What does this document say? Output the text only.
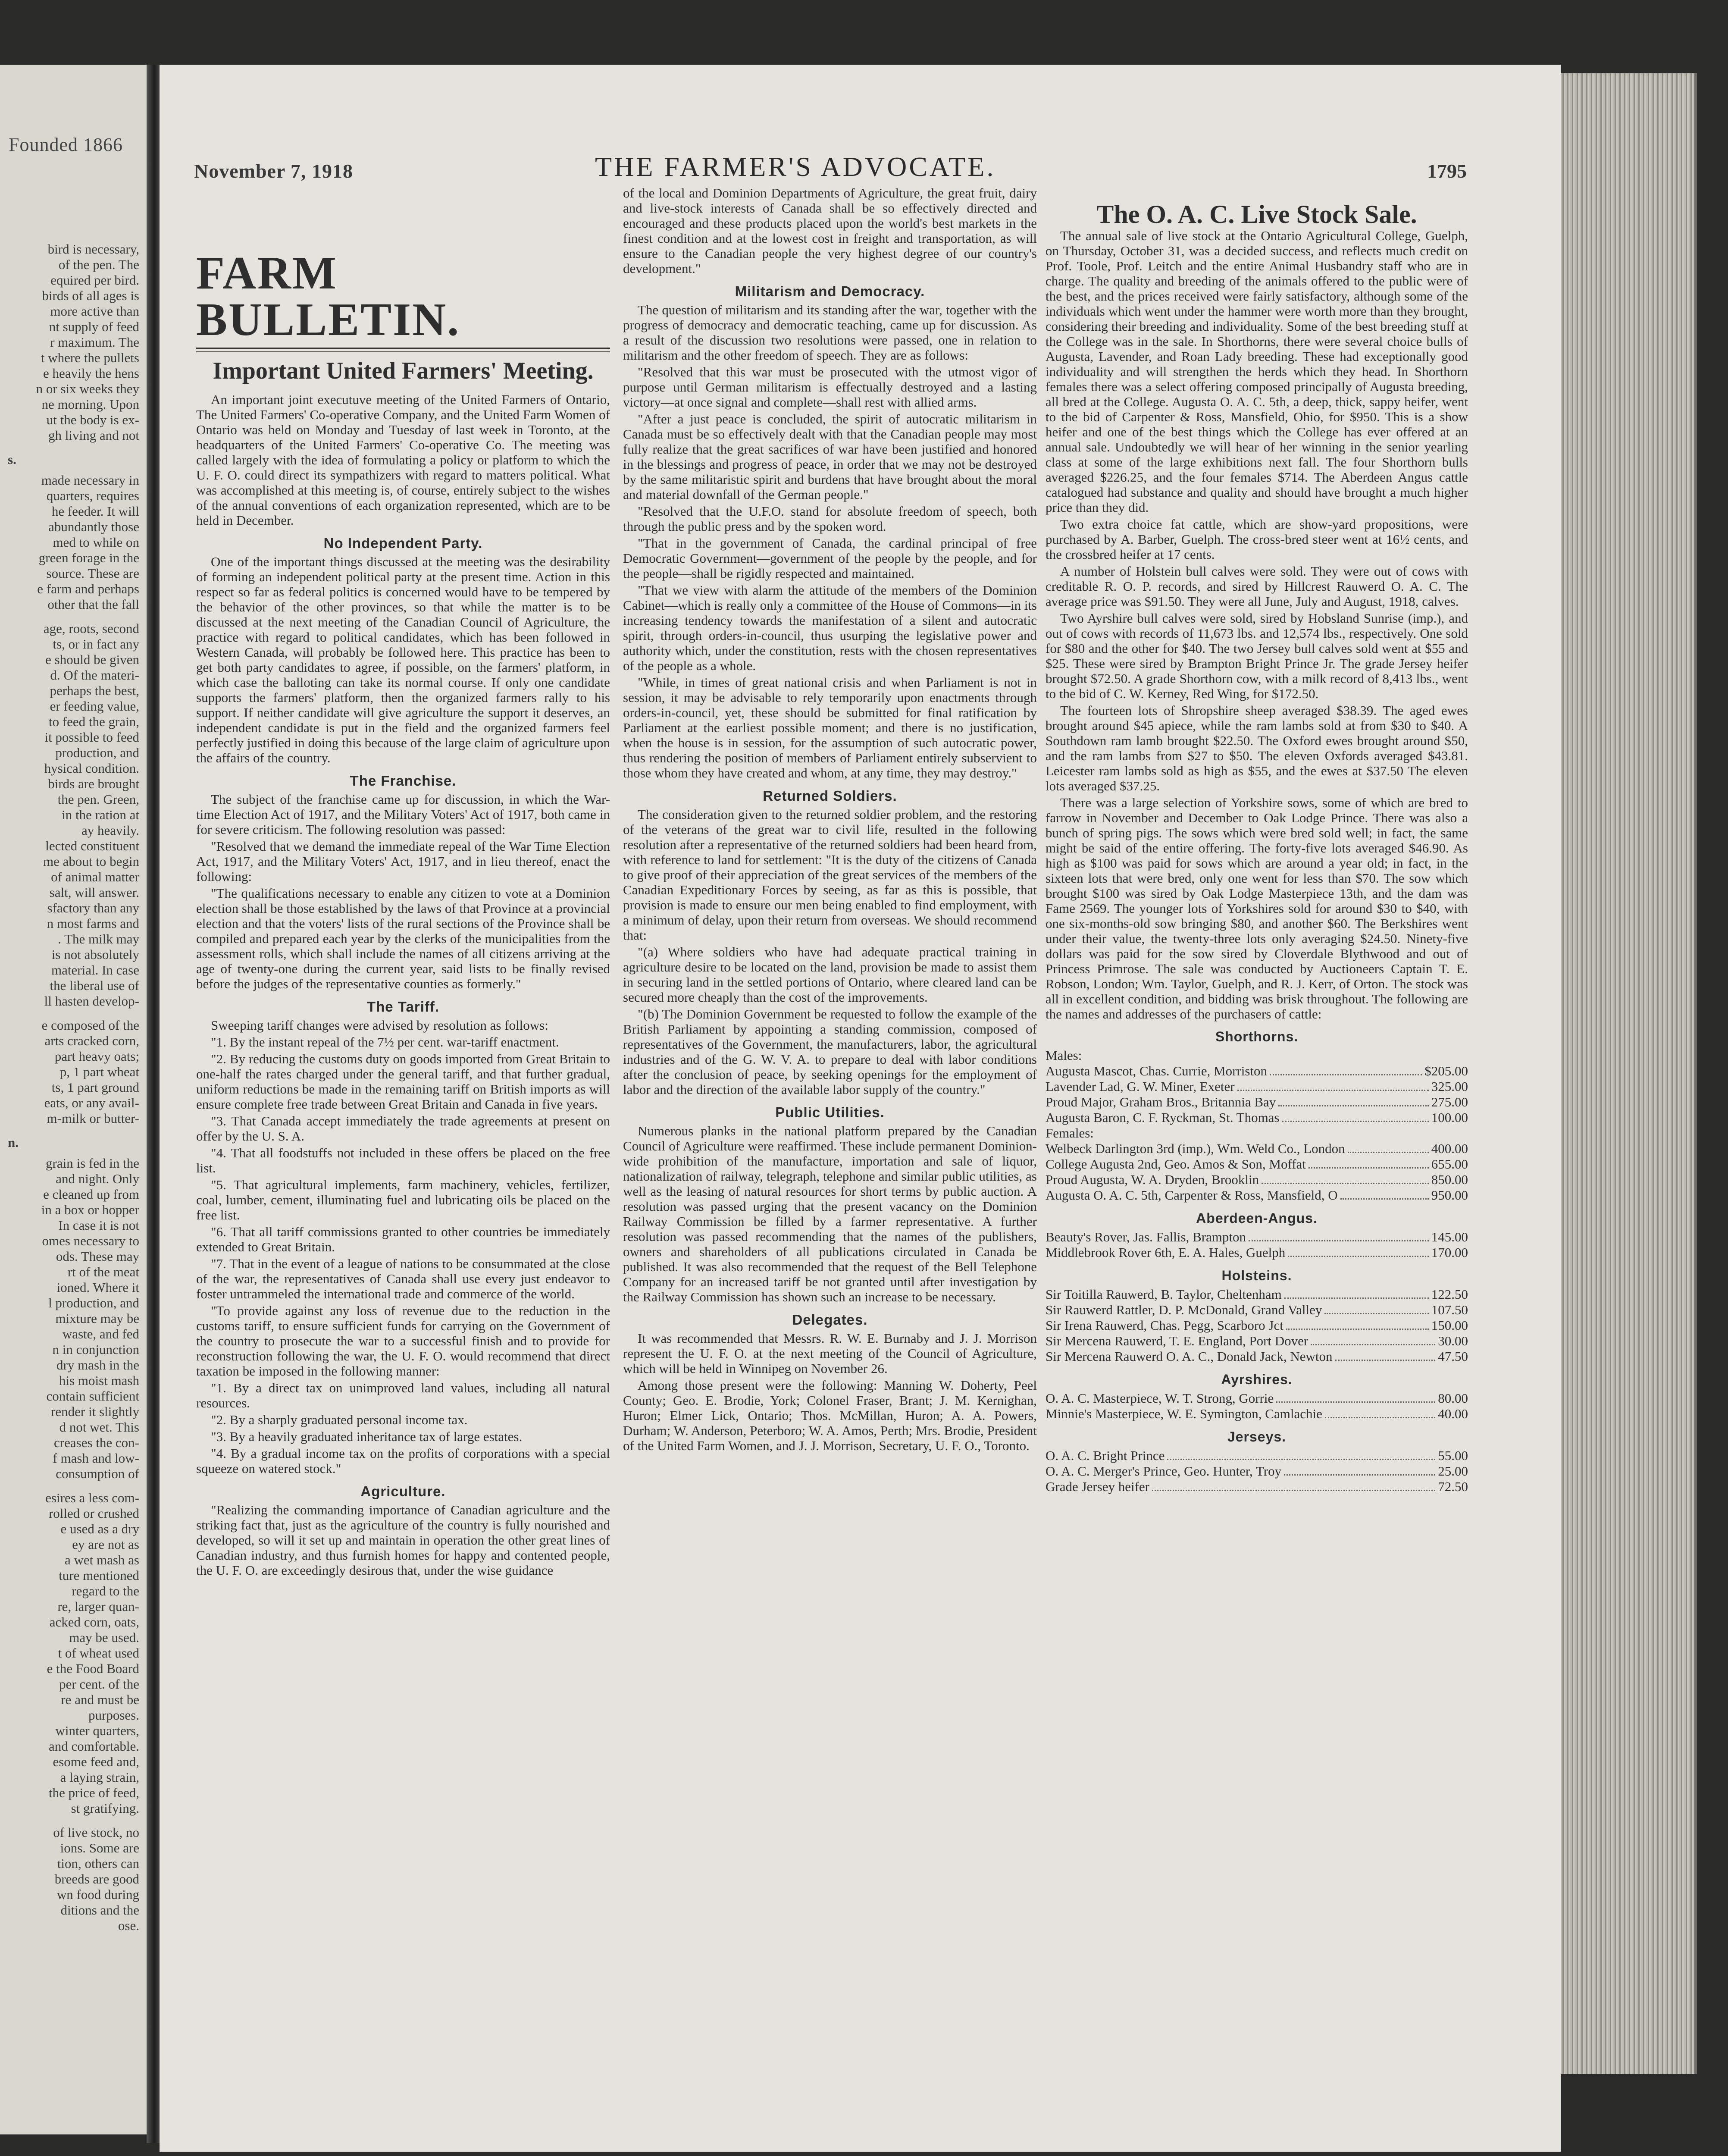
Founded 1866

bird is necessary,
of the pen. The
equired per bird.
birds of all ages is
more active than
nt supply of feed
r maximum. The
t where the pullets
e heavily the hens
n or six weeks they
ne morning. Upon
ut the body is ex-
gh living and not

s.

made necessary in
quarters, requires
he feeder. It will
abundantly those
med to while on
green forage in the
source. These are
e farm and perhaps
other that the fall

age, roots, second
ts, or in fact any
e should be given
d. Of the materi-
perhaps the best,
er feeding value,
to feed the grain,
it possible to feed
production, and
hysical condition.
birds are brought
the pen. Green,
in the ration at
ay heavily.
lected constituent
me about to begin
of animal matter
salt, will answer.
sfactory than any
n most farms and
. The milk may
is not absolutely
material. In case
the liberal use of
ll hasten develop-

e composed of the
arts cracked corn,
part heavy oats;
p, 1 part wheat
ts, 1 part ground
eats, or any avail-
m-milk or butter-

n.

grain is fed in the
and night. Only
e cleaned up from
in a box or hopper
In case it is not
omes necessary to
ods. These may
rt of the meat
ioned. Where it
l production, and
mixture may be
waste, and fed
n in conjunction
dry mash in the
his moist mash
contain sufficient
render it slightly
d not wet. This
creases the con-
f mash and low-
consumption of

esires a less com-
rolled or crushed
e used as a dry
ey are not as
a wet mash as
ture mentioned
regard to the
re, larger quan-
acked corn, oats,
may be used.
t of wheat used
e the Food Board
per cent. of the
re and must be
purposes.
winter quarters,
and comfortable.
esome feed and,
a laying strain,
the price of feed,
st gratifying.

of live stock, no
ions. Some are
tion, others can
breeds are good
wn food during
ditions and the
ose.

November 7, 1918	THE FARMER'S ADVOCATE.	1795
FARM BULLETIN.
Important United Farmers' Meeting.

An important joint executuve meeting of the United Farmers of Ontario, The United Farmers' Co-operative Company, and the United Farm Women of Ontario was held on Monday and Tuesday of last week in Toronto, at the headquarters of the United Farmers' Co-operative Co. The meeting was called largely with the idea of formulating a policy or platform to which the U. F. O. could direct its sympathizers with regard to matters political. What was accomplished at this meeting is, of course, entirely subject to the wishes of the annual conventions of each organization represented, which are to be held in December.

No Independent Party.

One of the important things discussed at the meeting was the desirability of forming an independent political party at the present time. Action in this respect so far as federal politics is concerned would have to be tempered by the behavior of the other provinces, so that while the matter is to be discussed at the next meeting of the Canadian Council of Agriculture, the practice with regard to political candidates, which has been followed in Western Canada, will probably be followed here. This practice has been to get both party candidates to agree, if possible, on the farmers' platform, in which case the balloting can take its normal course. If only one candidate supports the farmers' platform, then the organized farmers rally to his support. If neither candidate will give agriculture the support it deserves, an independent candidate is put in the field and the organized farmers feel perfectly justified in doing this because of the large claim of agriculture upon the affairs of the country.

The Franchise.

The subject of the franchise came up for discussion, in which the War-time Election Act of 1917, and the Military Voters' Act of 1917, both came in for severe criticism. The following resolution was passed:

"Resolved that we demand the immediate repeal of the War Time Election Act, 1917, and the Military Voters' Act, 1917, and in lieu thereof, enact the following:

"The qualifications necessary to enable any citizen to vote at a Dominion election shall be those established by the laws of that Province at a provincial election and that the voters' lists of the rural sections of the Province shall be compiled and prepared each year by the clerks of the municipalities from the assessment rolls, which shall include the names of all citizens arriving at the age of twenty-one during the current year, said lists to be finally revised before the judges of the representative counties as formerly."

The Tariff.

Sweeping tariff changes were advised by resolution as follows:

"1. By the instant repeal of the 7½ per cent. war-tariff enactment.

"2. By reducing the customs duty on goods imported from Great Britain to one-half the rates charged under the general tariff, and that further gradual, uniform reductions be made in the remaining tariff on British imports as will ensure complete free trade between Great Britain and Canada in five years.

"3. That Canada accept immediately the trade agreements at present on offer by the U. S. A.

"4. That all foodstuffs not included in these offers be placed on the free list.

"5. That agricultural implements, farm machinery, vehicles, fertilizer, coal, lumber, cement, illuminating fuel and lubricating oils be placed on the free list.

"6. That all tariff commissions granted to other countries be immediately extended to Great Britain.

"7. That in the event of a league of nations to be consummated at the close of the war, the representatives of Canada shall use every just endeavor to foster untrammeled the international trade and commerce of the world.

"To provide against any loss of revenue due to the reduction in the customs tariff, to ensure sufficient funds for carrying on the Government of the country to prosecute the war to a successful finish and to provide for reconstruction following the war, the U. F. O. would recommend that direct taxation be imposed in the following manner:

"1. By a direct tax on unimproved land values, including all natural resources.

"2. By a sharply graduated personal income tax.

"3. By a heavily graduated inheritance tax of large estates.

"4. By a gradual income tax on the profits of corporations with a special squeeze on watered stock."

Agriculture.

"Realizing the commanding importance of Canadian agriculture and the striking fact that, just as the agriculture of the country is fully nourished and developed, so will it set up and maintain in operation the other great lines of Canadian industry, and thus furnish homes for happy and contented people, the U. F. O. are exceedingly desirous that, under the wise guidance

of the local and Dominion Departments of Agriculture, the great fruit, dairy and live-stock interests of Canada shall be so effectively directed and encouraged and these products placed upon the world's best markets in the finest condition and at the lowest cost in freight and transportation, as will ensure to the Canadian people the very highest degree of our country's development."

Militarism and Democracy.

The question of militarism and its standing after the war, together with the progress of democracy and democratic teaching, came up for discussion. As a result of the discussion two resolutions were passed, one in relation to militarism and the other freedom of speech. They are as follows:

"Resolved that this war must be prosecuted with the utmost vigor of purpose until German militarism is effectually destroyed and a lasting victory—at once signal and complete—shall rest with allied arms.

"After a just peace is concluded, the spirit of autocratic militarism in Canada must be so effectively dealt with that the Canadian people may most fully realize that the great sacrifices of war have been justified and honored in the blessings and progress of peace, in order that we may not be destroyed by the same militaristic spirit and burdens that have brought about the moral and material downfall of the German people."

"Resolved that the U.F.O. stand for absolute freedom of speech, both through the public press and by the spoken word.

"That in the government of Canada, the cardinal principal of free Democratic Government—government of the people by the people, and for the people—shall be rigidly respected and maintained.

"That we view with alarm the attitude of the members of the Dominion Cabinet—which is really only a committee of the House of Commons—in its increasing tendency towards the manifestation of a silent and autocratic spirit, through orders-in-council, thus usurping the legislative power and authority which, under the constitution, rests with the chosen representatives of the people as a whole.

"While, in times of great national crisis and when Parliament is not in session, it may be advisable to rely temporarily upon enactments through orders-in-council, yet, these should be submitted for final ratification by Parliament at the earliest possible moment; and there is no justification, when the house is in session, for the assumption of such autocratic power, thus rendering the position of members of Parliament entirely subservient to those whom they have created and whom, at any time, they may destroy."

Returned Soldiers.

The consideration given to the returned soldier problem, and the restoring of the veterans of the great war to civil life, resulted in the following resolution after a representative of the returned soldiers had been heard from, with reference to land for settlement: "It is the duty of the citizens of Canada to give proof of their appreciation of the great services of the members of the Canadian Expeditionary Forces by seeing, as far as this is possible, that provision is made to ensure our men being enabled to find employment, with a minimum of delay, upon their return from overseas. We should recommend that:

"(a) Where soldiers who have had adequate practical training in agriculture desire to be located on the land, provision be made to assist them in securing land in the settled portions of Ontario, where cleared land can be secured more cheaply than the cost of the improvements.

"(b) The Dominion Government be requested to follow the example of the British Parliament by appointing a standing commission, composed of representatives of the Government, the manufacturers, labor, the agricultural industries and of the G. W. V. A. to prepare to deal with labor conditions after the conclusion of peace, by seeking openings for the employment of labor and the direction of the available labor supply of the country."

Public Utilities.

Numerous planks in the national platform prepared by the Canadian Council of Agriculture were reaffirmed. These include permanent Dominion-wide prohibition of the manufacture, importation and sale of liquor, nationalization of railway, telegraph, telephone and similar public utilities, as well as the leasing of natural resources for short terms by public auction. A resolution was passed urging that the present vacancy on the Dominion Railway Commission be filled by a farmer representative. A further resolution was passed recommending that the names of the publishers, owners and shareholders of all publications circulated in Canada be published. It was also recommended that the request of the Bell Telephone Company for an increased tariff be not granted until after investigation by the Railway Commission has shown such an increase to be necessary.

Delegates.

It was recommended that Messrs. R. W. E. Burnaby and J. J. Morrison represent the U. F. O. at the next meeting of the Council of Agriculture, which will be held in Winnipeg on November 26.

Among those present were the following: Manning W. Doherty, Peel County; Geo. E. Brodie, York; Colonel Fraser, Brant; J. M. Kernighan, Huron; Elmer Lick, Ontario; Thos. McMillan, Huron; A. A. Powers, Durham; W. Anderson, Peterboro; W. A. Amos, Perth; Mrs. Brodie, President of the United Farm Women, and J. J. Morrison, Secretary, U. F. O., Toronto.

The O. A. C. Live Stock Sale.

The annual sale of live stock at the Ontario Agricultural College, Guelph, on Thursday, October 31, was a decided success, and reflects much credit on Prof. Toole, Prof. Leitch and the entire Animal Husbandry staff who are in charge. The quality and breeding of the animals offered to the public were of the best, and the prices received were fairly satisfactory, although some of the individuals which went under the hammer were worth more than they brought, considering their breeding and individuality. Some of the best breeding stuff at the College was in the sale. In Shorthorns, there were several choice bulls of Augusta, Lavender, and Roan Lady breeding. These had exceptionally good individuality and will strengthen the herds which they head. In Shorthorn females there was a select offering composed principally of Augusta breeding, all bred at the College. Augusta O. A. C. 5th, a deep, thick, sappy heifer, went to the bid of Carpenter & Ross, Mansfield, Ohio, for $950. This is a show heifer and one of the best things which the College has ever offered at an annual sale. Undoubtedly we will hear of her winning in the senior yearling class at some of the large exhibitions next fall. The four Shorthorn bulls averaged $226.25, and the four females $714. The Aberdeen Angus cattle catalogued had substance and quality and should have brought a much higher price than they did.

Two extra choice fat cattle, which are show-yard propositions, were purchased by A. Barber, Guelph. The cross-bred steer went at 16½ cents, and the crossbred heifer at 17 cents.

A number of Holstein bull calves were sold. They were out of cows with creditable R. O. P. records, and sired by Hillcrest Rauwerd O. A. C. The average price was $91.50. They were all June, July and August, 1918, calves.

Two Ayrshire bull calves were sold, sired by Hobsland Sunrise (imp.), and out of cows with records of 11,673 lbs. and 12,574 lbs., respectively. One sold for $80 and the other for $40. The two Jersey bull calves sold went at $55 and $25. These were sired by Brampton Bright Prince Jr. The grade Jersey heifer brought $72.50. A grade Shorthorn cow, with a milk record of 8,413 lbs., went to the bid of C. W. Kerney, Red Wing, for $172.50.

The fourteen lots of Shropshire sheep averaged $38.39. The aged ewes brought around $45 apiece, while the ram lambs sold at from $30 to $40. A Southdown ram lamb brought $22.50. The Oxford ewes brought around $50, and the ram lambs from $27 to $50. The eleven Oxfords averaged $43.81. Leicester ram lambs sold as high as $55, and the ewes at $37.50 The eleven lots averaged $37.25.

There was a large selection of Yorkshire sows, some of which are bred to farrow in November and December to Oak Lodge Prince. There was also a bunch of spring pigs. The sows which were bred sold well; in fact, the same might be said of the entire offering. The forty-five lots averaged $46.90. As high as $100 was paid for sows which are around a year old; in fact, in the sixteen lots that were bred, only one went for less than $70. The sow which brought $100 was sired by Oak Lodge Masterpiece 13th, and the dam was Fame 2569. The younger lots of Yorkshires sold for around $30 to $40, with one six-months-old sow bringing $80, and another $60. The Berkshires went under their value, the twenty-three lots only averaging $24.50. Ninety-five dollars was paid for the sow sired by Cloverdale Blythwood and out of Princess Primrose. The sale was conducted by Auctioneers Captain T. E. Robson, London; Wm. Taylor, Guelph, and R. J. Kerr, of Orton. The stock was all in excellent condition, and bidding was brisk throughout. The following are the names and addresses of the purchasers of cattle:

Shorthorns.
Males:
Augusta Mascot, Chas. Currie, Morriston	$205.00
Lavender Lad, G. W. Miner, Exeter	325.00
Proud Major, Graham Bros., Britannia Bay	275.00
Augusta Baron, C. F. Ryckman, St. Thomas	100.00
Females:
Welbeck Darlington 3rd (imp.), Wm. Weld Co., London	400.00
College Augusta 2nd, Geo. Amos & Son, Moffat	655.00
Proud Augusta, W. A. Dryden, Brooklin	850.00
Augusta O. A. C. 5th, Carpenter & Ross, Mansfield, O	950.00
Aberdeen-Angus.
Beauty's Rover, Jas. Fallis, Brampton	145.00
Middlebrook Rover 6th, E. A. Hales, Guelph	170.00
Holsteins.
Sir Toitilla Rauwerd, B. Taylor, Cheltenham	122.50
Sir Rauwerd Rattler, D. P. McDonald, Grand Valley	107.50
Sir Irena Rauwerd, Chas. Pegg, Scarboro Jct	150.00
Sir Mercena Rauwerd, T. E. England, Port Dover	30.00
Sir Mercena Rauwerd O. A. C., Donald Jack, Newton	47.50
Ayrshires.
O. A. C. Masterpiece, W. T. Strong, Gorrie	80.00
Minnie's Masterpiece, W. E. Symington, Camlachie	40.00
Jerseys.
O. A. C. Bright Prince	55.00
O. A. C. Merger's Prince, Geo. Hunter, Troy	25.00
Grade Jersey heifer	72.50
